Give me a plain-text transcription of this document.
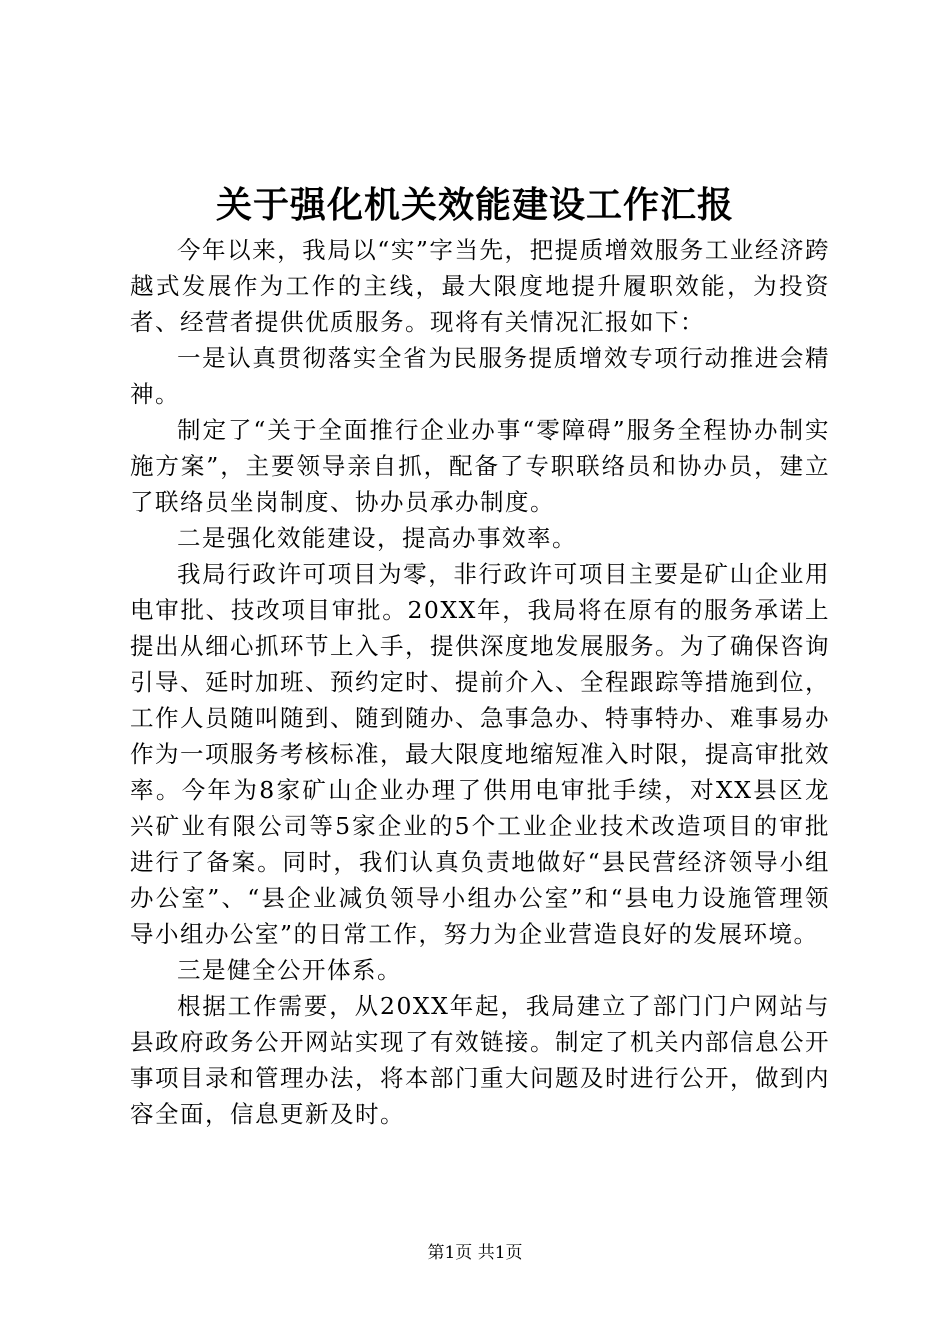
关于强化机关效能建设工作汇报

今年以来，我局以“实”字当先，把提质增效服务工业经济跨越式发展作为工作的主线，最大限度地提升履职效能，为投资者、经营者提供优质服务。现将有关情况汇报如下：

一是认真贯彻落实全省为民服务提质增效专项行动推进会精神。

制定了“关于全面推行企业办事“零障碍”服务全程协办制实施方案”，主要领导亲自抓，配备了专职联络员和协办员，建立了联络员坐岗制度、协办员承办制度。

二是强化效能建设，提高办事效率。

我局行政许可项目为零，非行政许可项目主要是矿山企业用电审批、技改项目审批。20XX年，我局将在原有的服务承诺上提出从细心抓环节上入手，提供深度地发展服务。为了确保咨询引导、延时加班、预约定时、提前介入、全程跟踪等措施到位，工作人员随叫随到、随到随办、急事急办、特事特办、难事易办作为一项服务考核标准，最大限度地缩短准入时限，提高审批效率。今年为8家矿山企业办理了供用电审批手续，对XX县区龙兴矿业有限公司等5家企业的5个工业企业技术改造项目的审批进行了备案。同时，我们认真负责地做好“县民营经济领导小组办公室”、“县企业减负领导小组办公室”和“县电力设施管理领导小组办公室”的日常工作，努力为企业营造良好的发展环境。

三是健全公开体系。

根据工作需要，从20XX年起，我局建立了部门门户网站与县政府政务公开网站实现了有效链接。制定了机关内部信息公开事项目录和管理办法，将本部门重大问题及时进行公开，做到内容全面，信息更新及时。

第1页 共1页
